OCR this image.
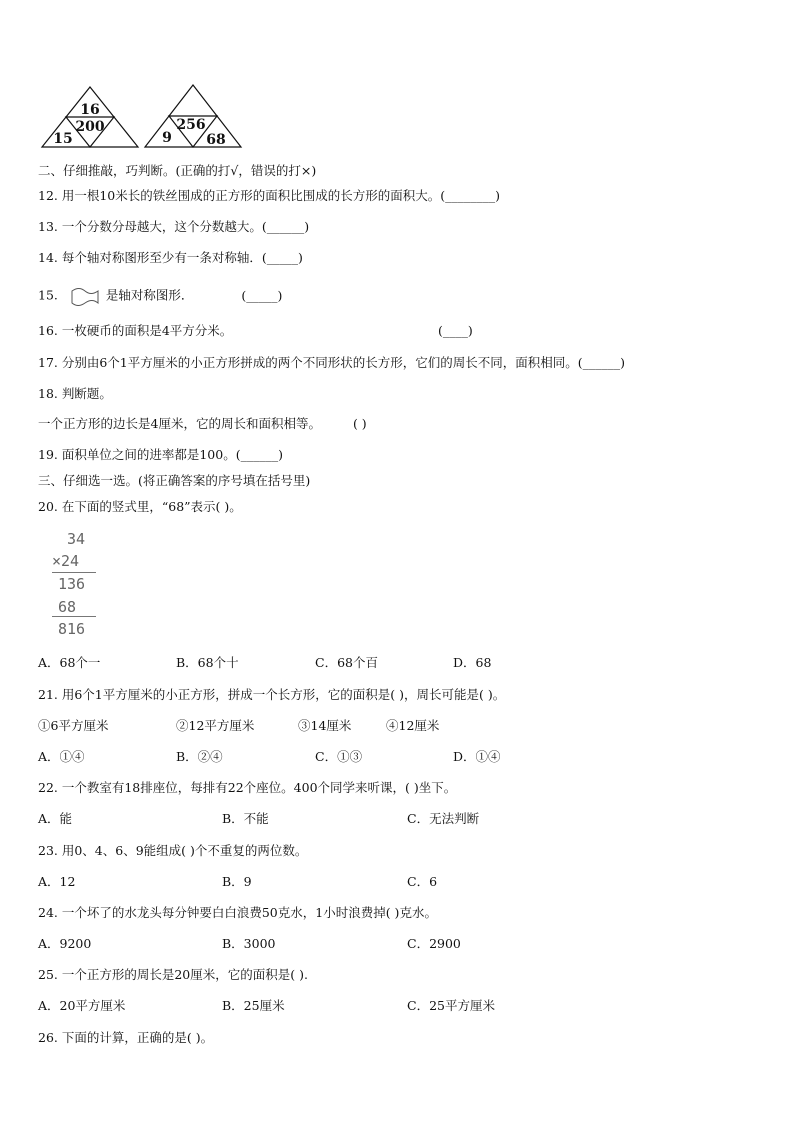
16
200
15
256
9 68
二、仔细推敲，巧判断。(正确的打√，错误的打×)
12. 用一根10米长的铁丝围成的正方形的面积比围成的长方形的面积大。(________)
13. 一个分数分母越大，这个分数越大。(______)
14. 每个轴对称图形至少有一条对称轴．(_____)
15.	是轴对称图形．	(_____)
16. 一枚硬币的面积是4平方分米。	(____)
17. 分别由6个1平方厘米的小正方形拼成的两个不同形状的长方形，它们的周长不同，面积相同。(______)
18. 判断题。
一个正方形的边长是4厘米，它的周长和面积相等。	( )
19. 面积单位之间的进率都是100。(______)
三、仔细选一选。(将正确答案的序号填在括号里)
20. 在下面的竖式里，“68”表示( )。
34
×24
136
68
816
A．68个一	B．68个十	C．68个百	D．68
21. 用6个1平方厘米的小正方形，拼成一个长方形，它的面积是( )，周长可能是( )。
①6平方厘米	②12平方厘米	③14厘米	④12厘米
A．①④	B．②④	C．①③	D．①④
22. 一个教室有18排座位，每排有22个座位。400个同学来听课，( )坐下。
A．能	B．不能	C．无法判断
23. 用0、4、6、9能组成( )个不重复的两位数。
A．12	B．9	C．6
24. 一个坏了的水龙头每分钟要白白浪费50克水，1小时浪费掉( )克水。
A．9200	B．3000	C．2900
25. 一个正方形的周长是20厘米，它的面积是( ).
A．20平方厘米	B．25厘米	C．25平方厘米
26. 下面的计算，正确的是( )。
